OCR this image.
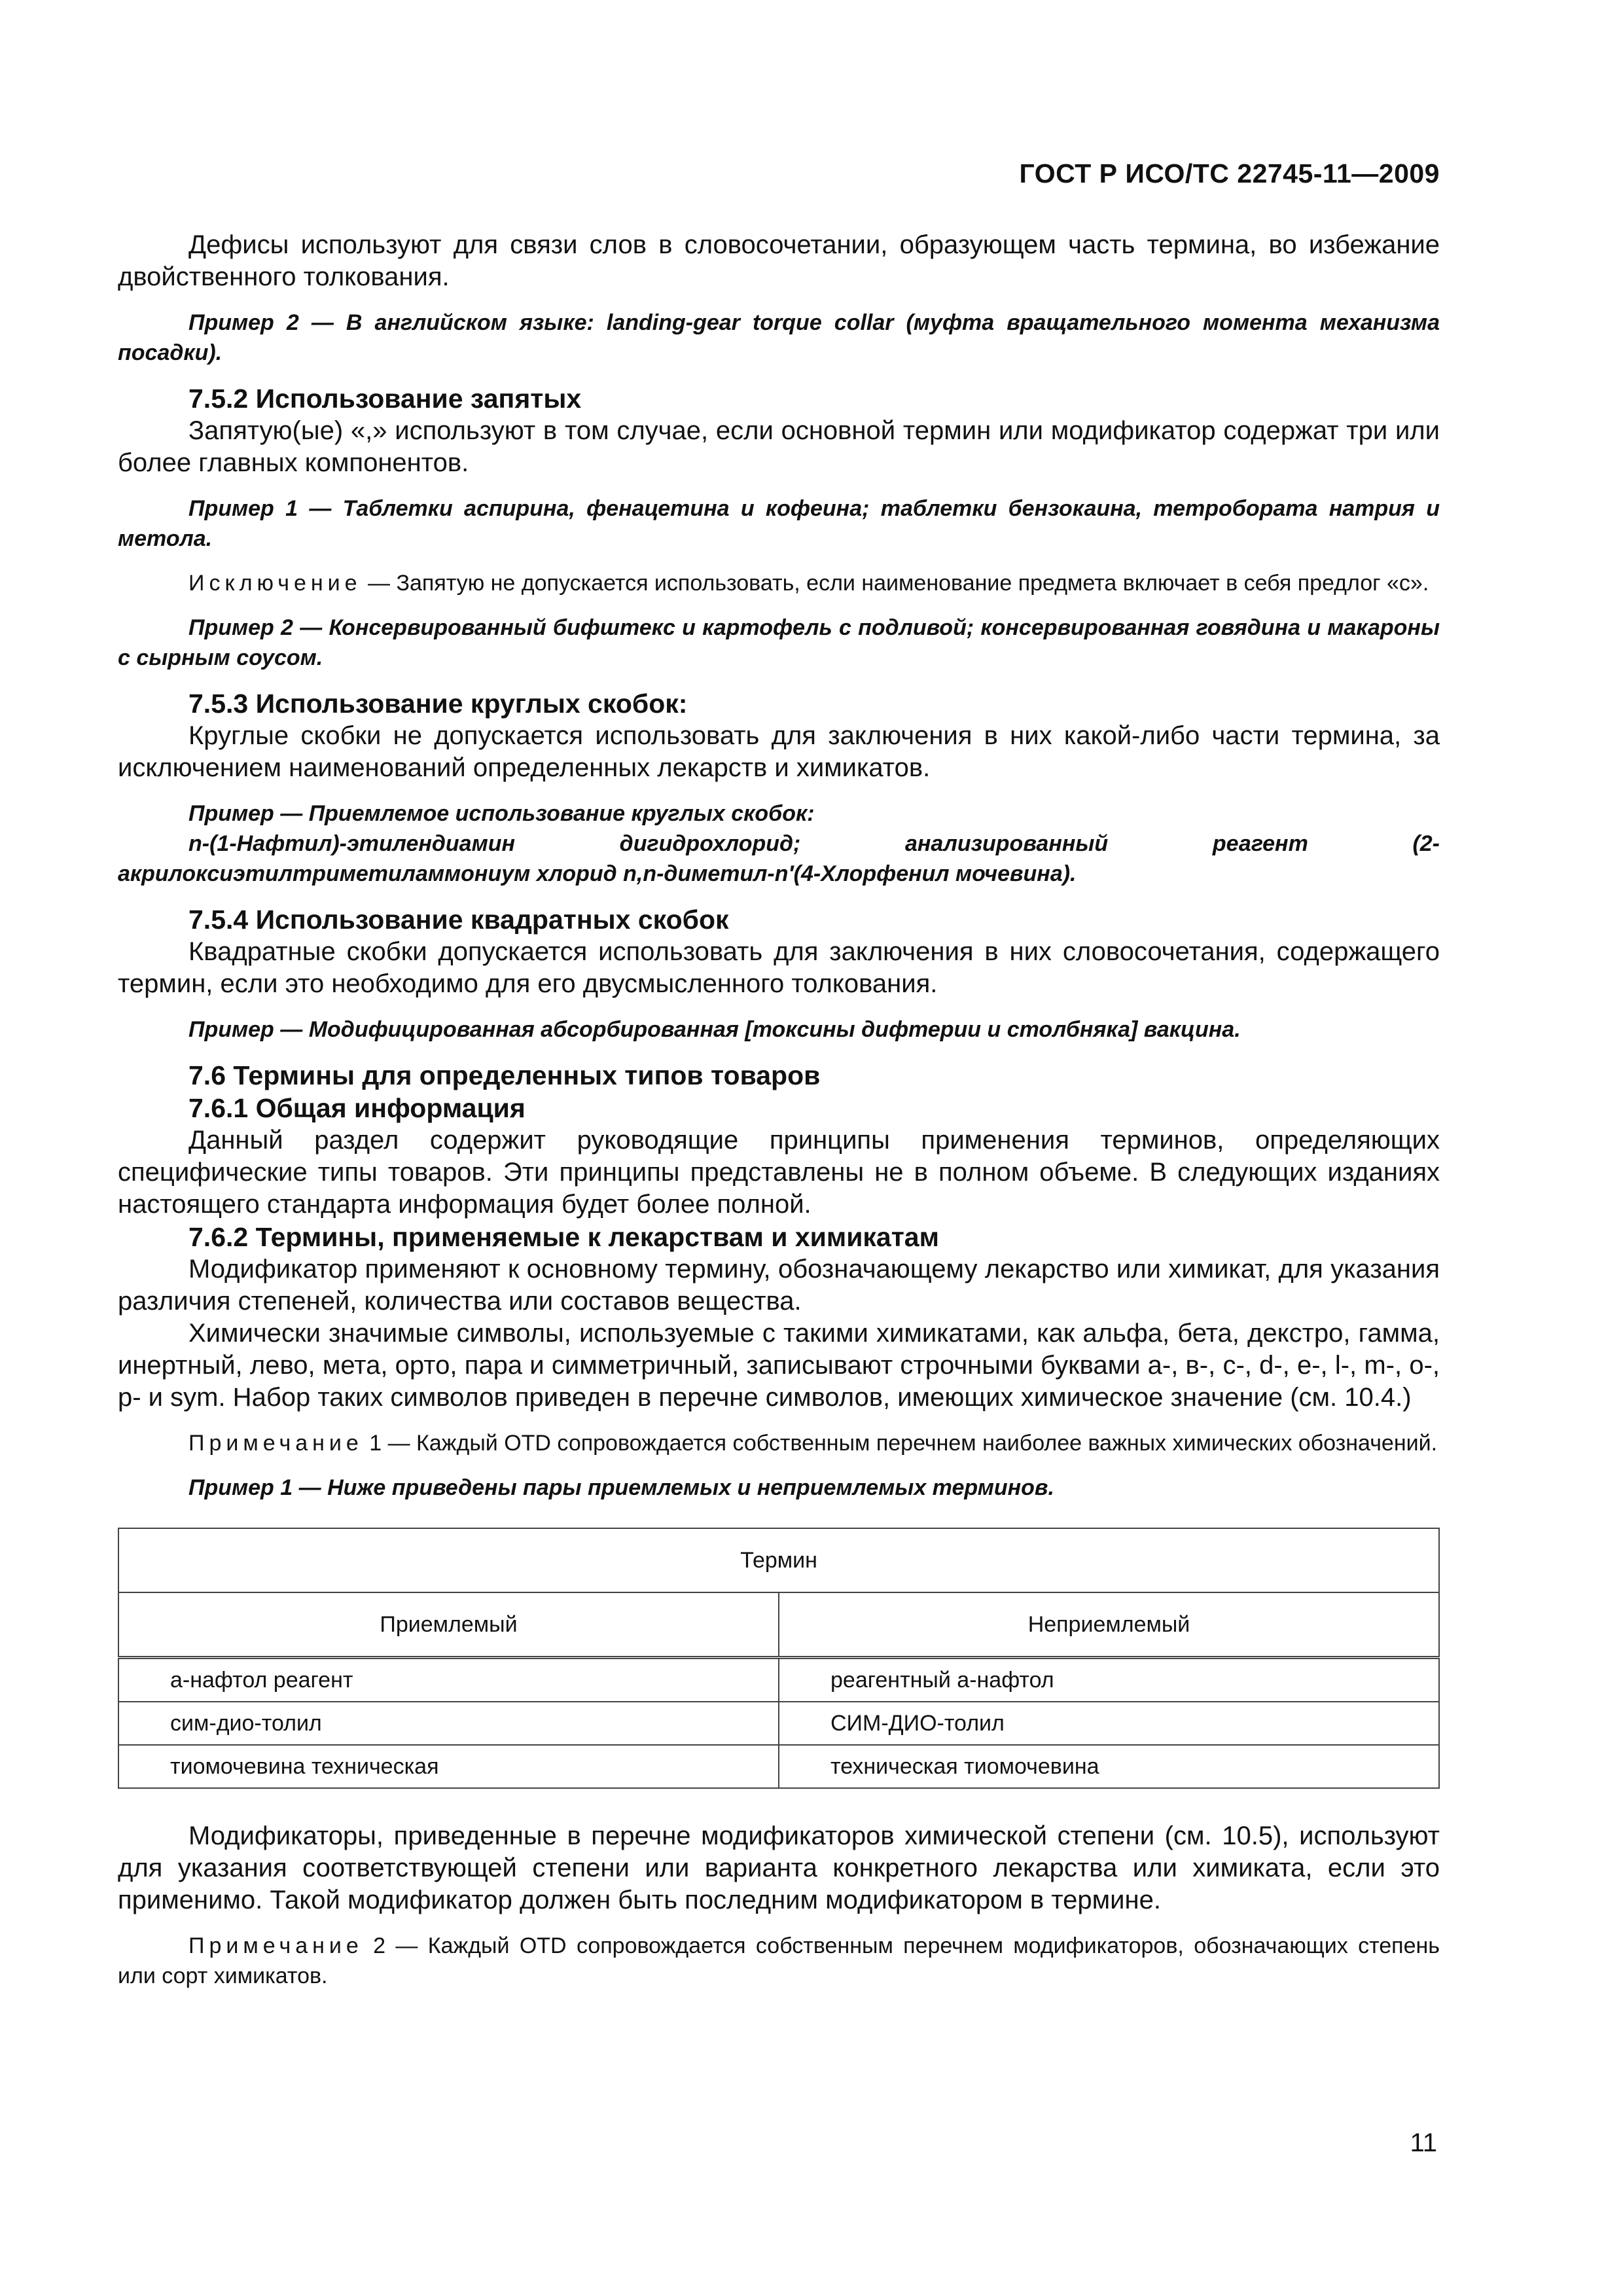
ГОСТ Р ИСО/ТС 22745-11—2009

Дефисы используют для связи слов в словосочетании, образующем часть термина, во избежание двойственного толкования.

Пример 2 — В английском языке: landing-gear torque collar (муфта вращательного момента механизма посадки).

7.5.2 Использование запятых

Запятую(ые) «,» используют в том случае, если основной термин или модификатор содержат три или более главных компонентов.

Пример 1 — Таблетки аспирина, фенацетина и кофеина; таблетки бензокаина, тетробората натрия и метола.

Исключение — Запятую не допускается использовать, если наименование предмета включает в себя предлог «с».

Пример 2 — Консервированный бифштекс и картофель с подливой; консервированная говядина и макароны с сырным соусом.

7.5.3 Использование круглых скобок:

Круглые скобки не допускается использовать для заключения в них какой-либо части термина, за исключением наименований определенных лекарств и химикатов.

Пример — Приемлемое использование круглых скобок:

n-(1-Нафтил)-этилендиамин дигидрохлорид; анализированный реагент (2-акрилоксиэтилтриметиламмониум хлорид n,n-диметил-n′(4-Хлорфенил мочевина).

7.5.4 Использование квадратных скобок

Квадратные скобки допускается использовать для заключения в них словосочетания, содержащего термин, если это необходимо для его двусмысленного толкования.

Пример — Модифицированная абсорбированная [токсины дифтерии и столбняка] вакцина.

7.6 Термины для определенных типов товаров

7.6.1 Общая информация

Данный раздел содержит руководящие принципы применения терминов, определяющих специфические типы товаров. Эти принципы представлены не в полном объеме. В следующих изданиях настоящего стандарта информация будет более полной.

7.6.2 Термины, применяемые к лекарствам и химикатам

Модификатор применяют к основному термину, обозначающему лекарство или химикат, для указания различия степеней, количества или составов вещества.

Химически значимые символы, используемые с такими химикатами, как альфа, бета, декстро, гамма, инертный, лево, мета, орто, пара и симметричный, записывают строчными буквами a-, в-, c-, d-, e-, l-, m-, o-, p- и sym. Набор таких символов приведен в перечне символов, имеющих химическое значение (см. 10.4.)

Примечание 1 — Каждый OTD сопровождается собственным перечнем наиболее важных химических обозначений.

Пример 1 — Ниже приведены пары приемлемых и неприемлемых терминов.

Термин	
Приемлемый	Неприемлемый
a-нафтол реагент	реагентный a-нафтол
сим-дио-толил	СИМ-ДИО-толил
тиомочевина техническая	техническая тиомочевина

Модификаторы, приведенные в перечне модификаторов химической степени (см. 10.5), используют для указания соответствующей степени или варианта конкретного лекарства или химиката, если это применимо. Такой модификатор должен быть последним модификатором в термине.

Примечание 2 — Каждый OTD сопровождается собственным перечнем модификаторов, обозначающих степень или сорт химикатов.

11
